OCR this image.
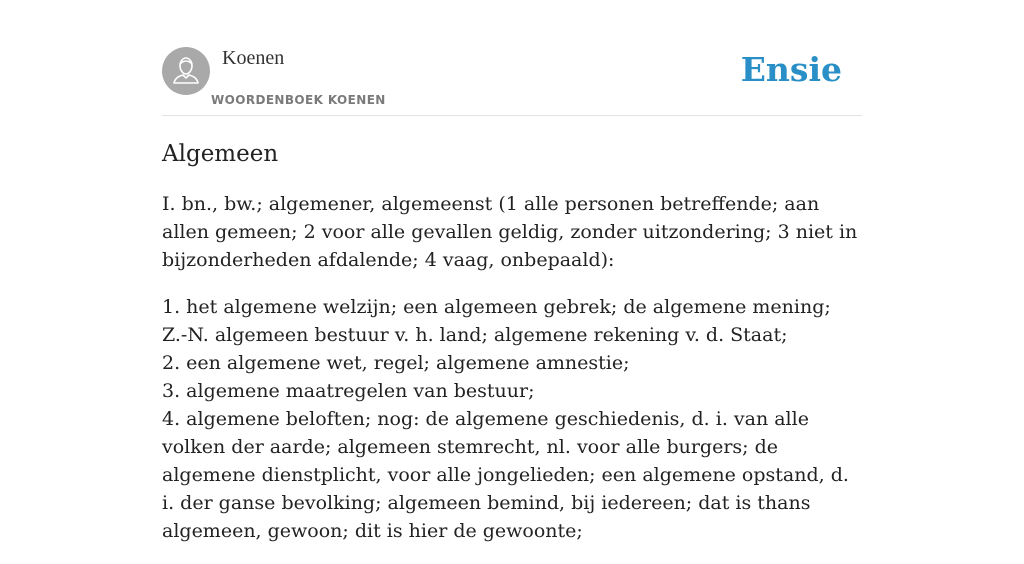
Koenen
WOORDENBOEK KOENEN
Ensie
Algemeen

I. bn., bw.; algemener, algemeenst (1 alle personen betreffende; aan allen gemeen; 2 voor alle gevallen geldig, zonder uitzondering; 3 niet in bijzonderheden afdalende; 4 vaag, onbepaald):

1. het algemene welzijn; een algemeen gebrek; de algemene mening; Z.-N. algemeen bestuur v. h. land; algemene rekening v. d. Staat;
2. een algemene wet, regel; algemene amnestie;
3. algemene maatregelen van bestuur;
4. algemene beloften; nog: de algemene geschiedenis, d. i. van alle volken der aarde; algemeen stemrecht, nl. voor alle burgers; de algemene dienstplicht, voor alle jongelieden; een algemene opstand, d. i. der ganse bevolking; algemeen bemind, bij iedereen; dat is thans algemeen, gewoon; dit is hier de gewoonte;
